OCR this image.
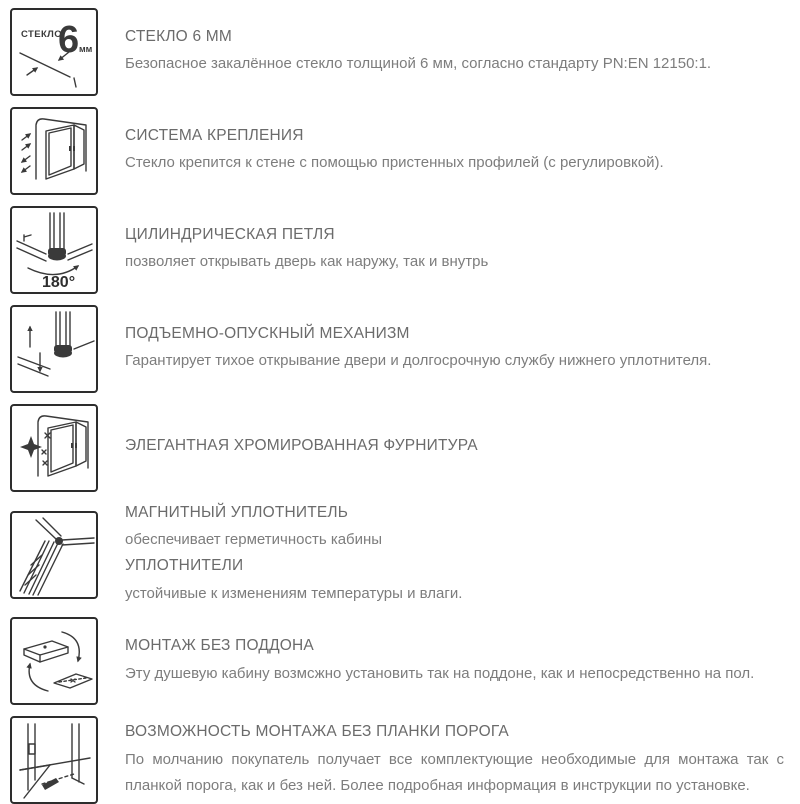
СТЕКЛО
6 мм
СТЕКЛО 6 ММ

Безопасное закалённое стекло толщиной 6 мм, согласно стандарту PN:EN 12150:1.

СИСТЕМА КРЕПЛЕНИЯ

Стекло крепится к стене с помощью пристенных профилей (с регулировкой).

180°
ЦИЛИНДРИЧЕСКАЯ ПЕТЛЯ

позволяет открывать дверь как наружу, так и внутрь

ПОДЪЕМНО-ОПУСКНЫЙ МЕХАНИЗМ

Гарантирует тихое открывание двери и долгосрочную службу нижнего уплотнителя.

ЭЛЕГАНТНАЯ ХРОМИРОВАННАЯ ФУРНИТУРА
МАГНИТНЫЙ УПЛОТНИТЕЛЬ

обеспечивает герметичность кабины

УПЛОТНИТЕЛИ

устойчивые к изменениям температуры и влаги.

МОНТАЖ БЕЗ ПОДДОНА

Эту душевую кабину возмсжно установить так на поддоне, как и непосредственно на пол.

ВОЗМОЖНОСТЬ МОНТАЖА БЕЗ ПЛАНКИ ПОРОГА

По молчанию покупатель получает все комплектующие необходимые для монтажа так с планкой порога, как и без ней. Более подробная информация в инструкции по установке.
